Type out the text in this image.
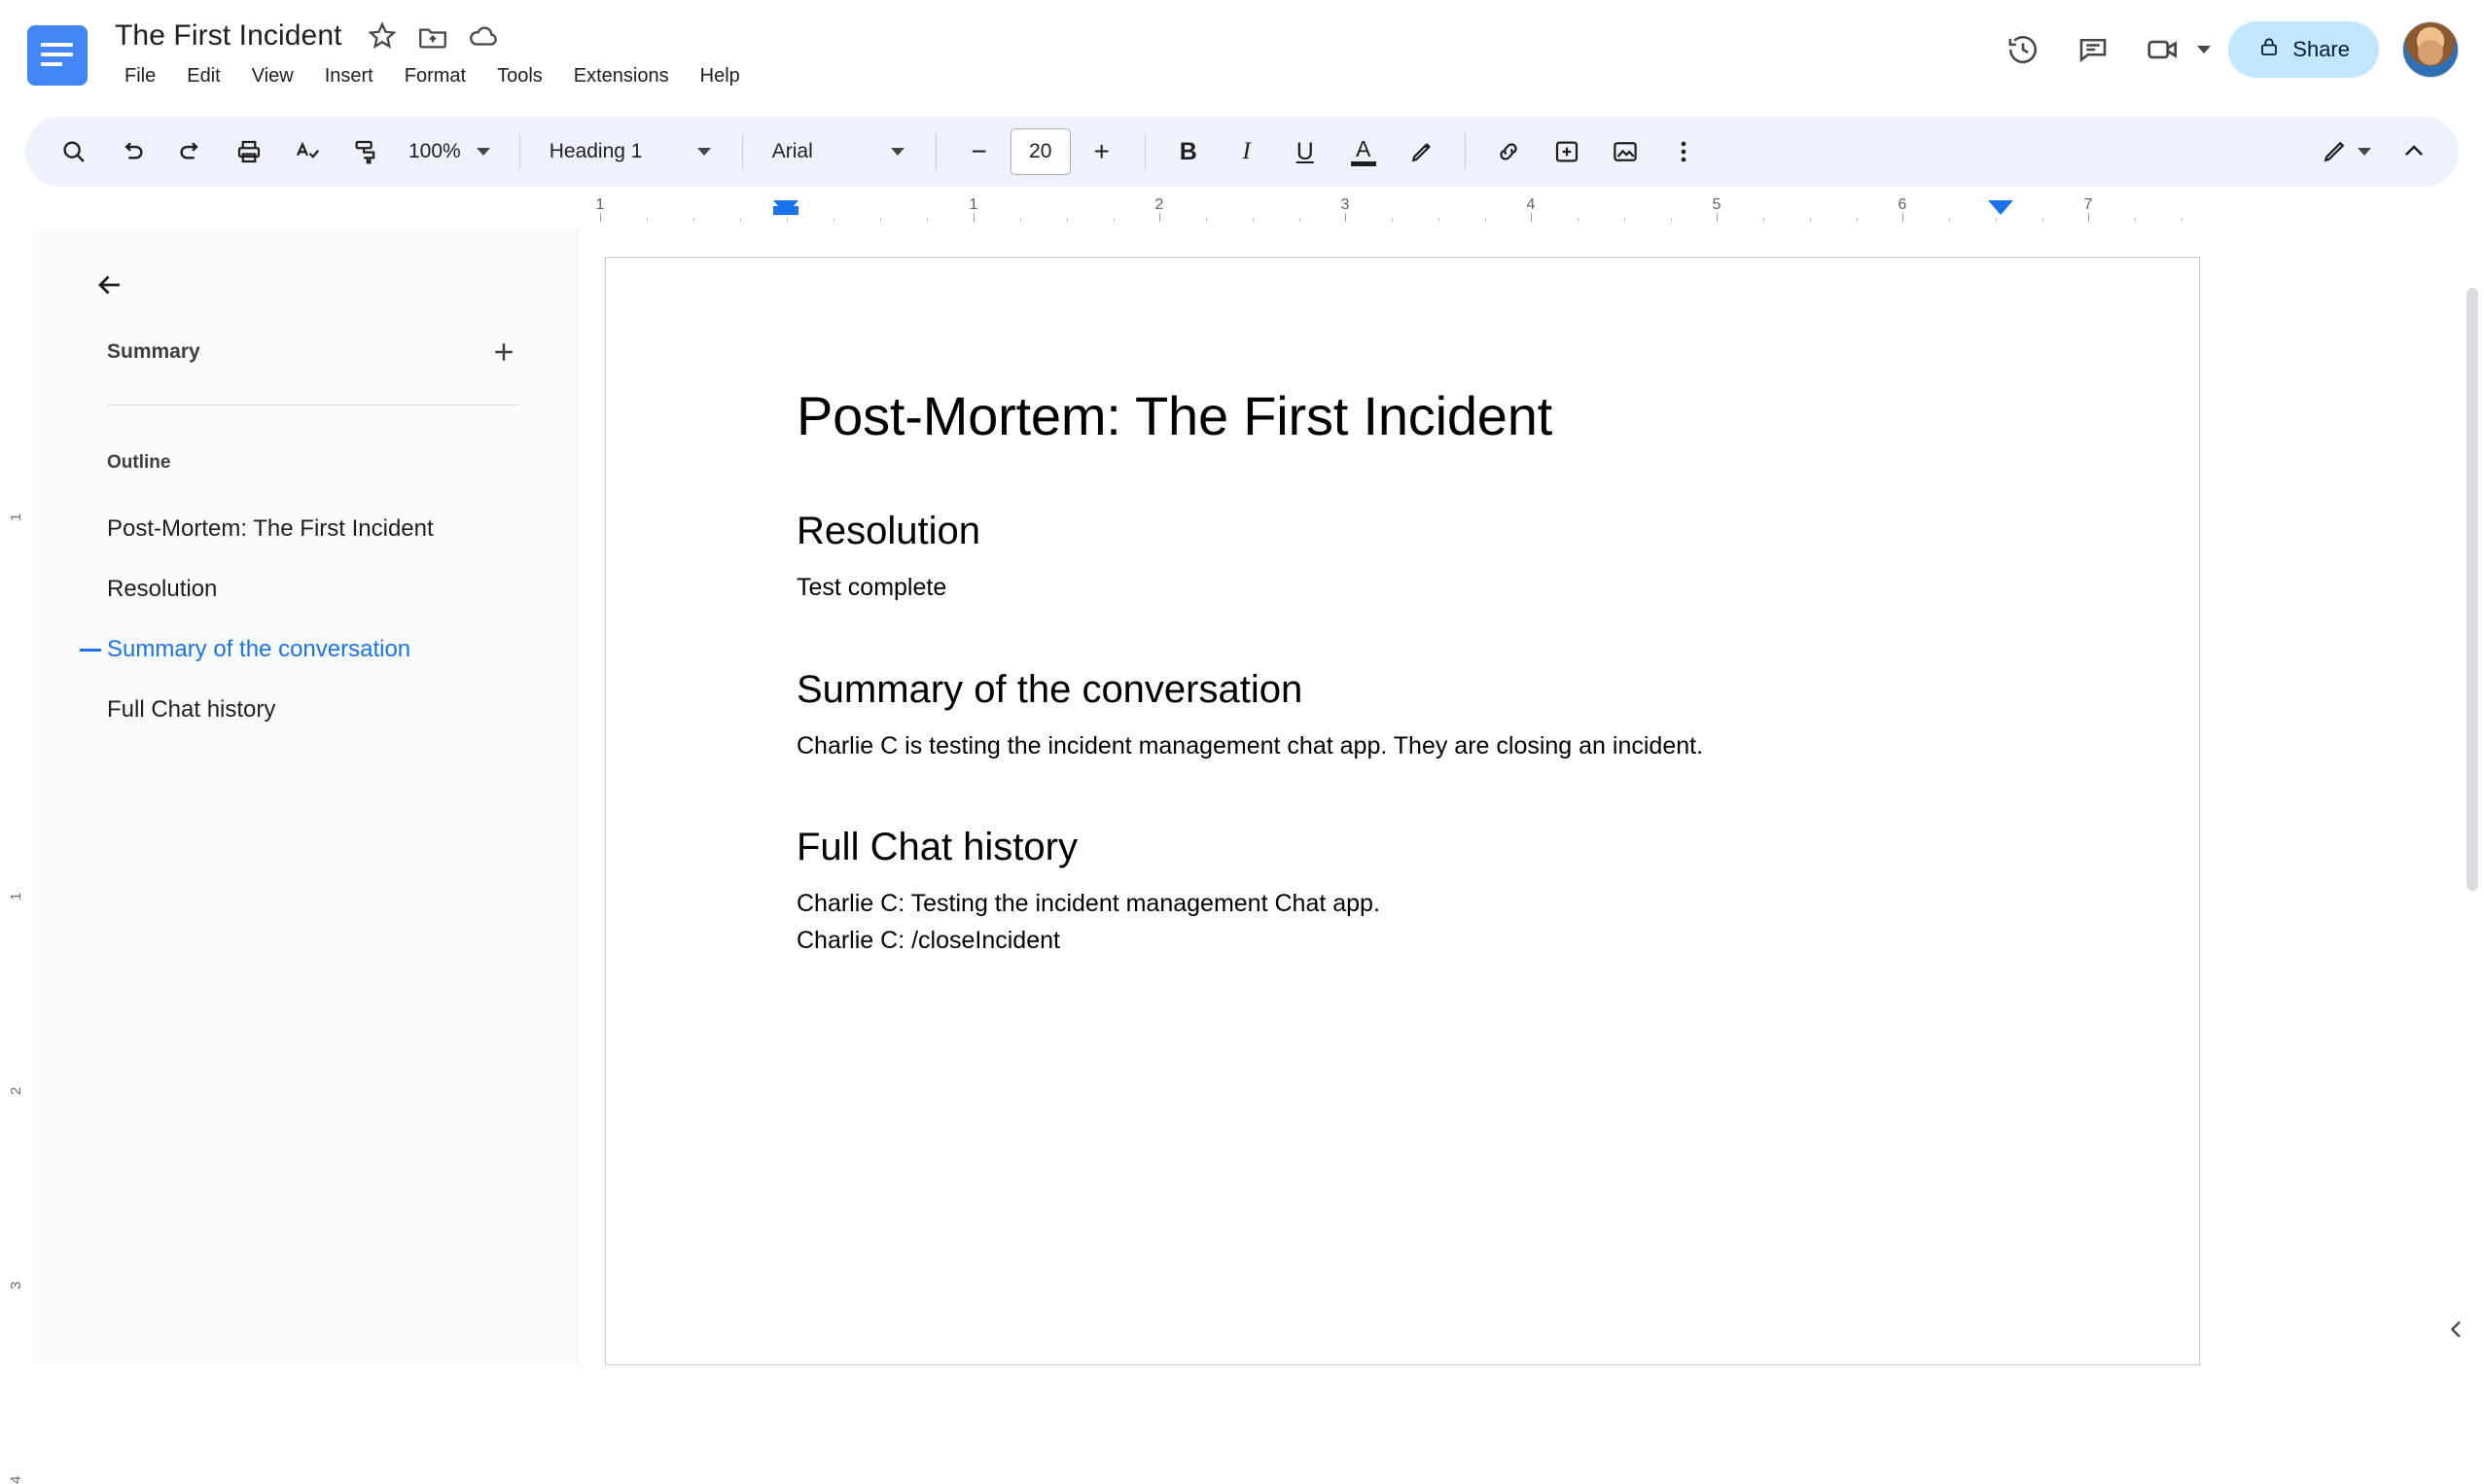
The First Incident
File	Edit	View	Insert	Format	Tools	Extensions	Help
Share
100%	Heading 1	Arial	−
20	+	B	I	U	A
1	1	2	3	4	5	6	7
1
1
2
3
4
Summary
Outline
Post-Mortem: The First Incident
Resolution
Summary of the conversation
Full Chat history
Post-Mortem: The First Incident
Resolution

Test complete

Summary of the conversation

Charlie C is testing the incident management chat app. They are closing an incident.

Full Chat history

Charlie C: Testing the incident management Chat app.

Charlie C: /closeIncident
